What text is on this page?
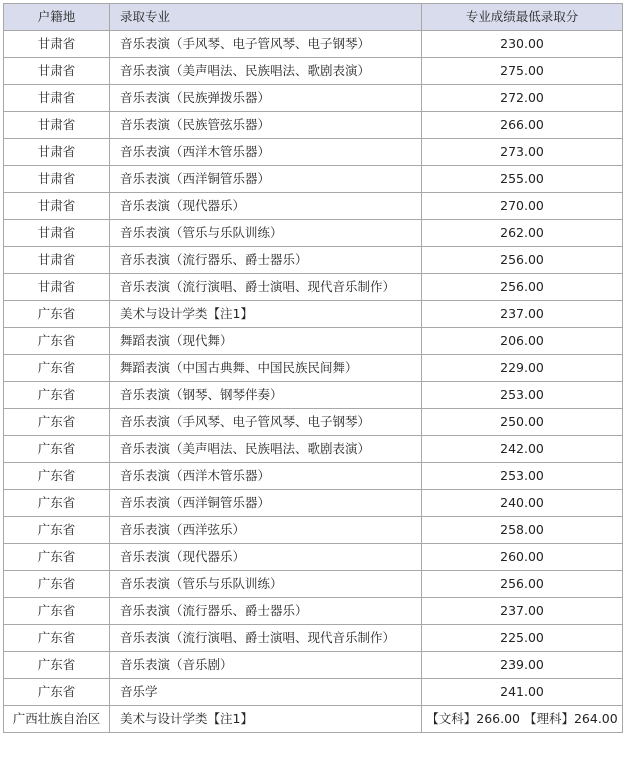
户籍地	录取专业	专业成绩最低录取分
甘肃省	音乐表演（手风琴、电子管风琴、电子钢琴）	230.00
甘肃省	音乐表演（美声唱法、民族唱法、歌剧表演）	275.00
甘肃省	音乐表演（民族弹拨乐器）	272.00
甘肃省	音乐表演（民族管弦乐器）	266.00
甘肃省	音乐表演（西洋木管乐器）	273.00
甘肃省	音乐表演（西洋铜管乐器）	255.00
甘肃省	音乐表演（现代器乐）	270.00
甘肃省	音乐表演（管乐与乐队训练）	262.00
甘肃省	音乐表演（流行器乐、爵士器乐）	256.00
甘肃省	音乐表演（流行演唱、爵士演唱、现代音乐制作）	256.00
广东省	美术与设计学类【注1】	237.00
广东省	舞蹈表演（现代舞）	206.00
广东省	舞蹈表演（中国古典舞、中国民族民间舞）	229.00
广东省	音乐表演（钢琴、钢琴伴奏）	253.00
广东省	音乐表演（手风琴、电子管风琴、电子钢琴）	250.00
广东省	音乐表演（美声唱法、民族唱法、歌剧表演）	242.00
广东省	音乐表演（西洋木管乐器）	253.00
广东省	音乐表演（西洋铜管乐器）	240.00
广东省	音乐表演（西洋弦乐）	258.00
广东省	音乐表演（现代器乐）	260.00
广东省	音乐表演（管乐与乐队训练）	256.00
广东省	音乐表演（流行器乐、爵士器乐）	237.00
广东省	音乐表演（流行演唱、爵士演唱、现代音乐制作）	225.00
广东省	音乐表演（音乐剧）	239.00
广东省	音乐学	241.00
广西壮族自治区	美术与设计学类【注1】	【文科】266.00 【理科】264.00
